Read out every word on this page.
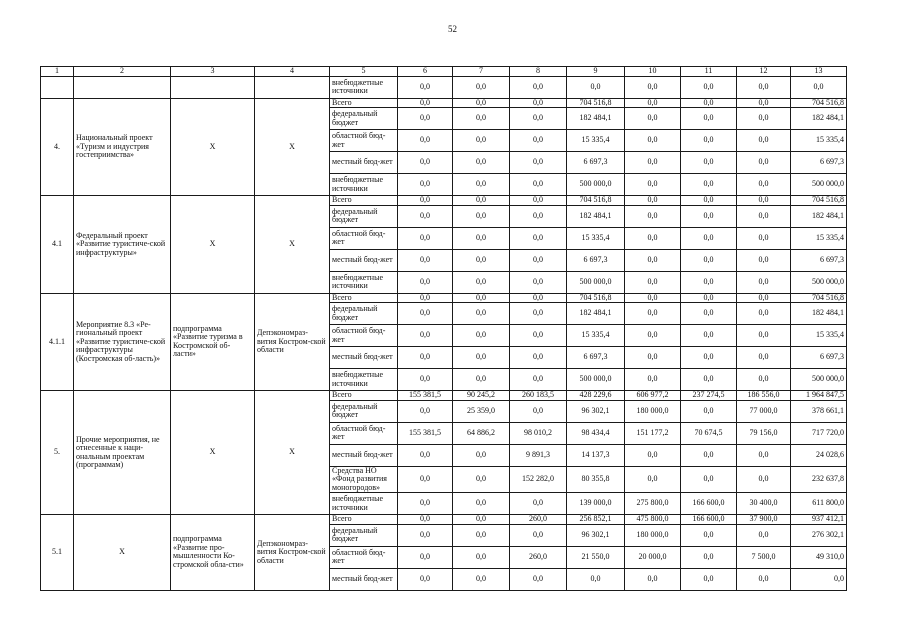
52
1	2	3	4	5	6	7	8	9	10	11	12	13
				внебюджетные источники	0,0	0,0	0,0	0,0	0,0	0,0	0,0	0,0
4.	Национальный проект «Туризм и индустрия гостеприимства»	X	X	Всего	0,0	0,0	0,0	704 516,8	0,0	0,0	0,0	704 516,8
				федеральный бюджет	0,0	0,0	0,0	182 484,1	0,0	0,0	0,0	182 484,1
				областной бюд-жет	0,0	0,0	0,0	15 335,4	0,0	0,0	0,0	15 335,4
				местный бюд-жет	0,0	0,0	0,0	6 697,3	0,0	0,0	0,0	6 697,3
				внебюджетные источники	0,0	0,0	0,0	500 000,0	0,0	0,0	0,0	500 000,0
4.1	Федеральный проект «Развитие туристиче-ской инфраструктуры»	X	X	Всего	0,0	0,0	0,0	704 516,8	0,0	0,0	0,0	704 516,8
				федеральный бюджет	0,0	0,0	0,0	182 484,1	0,0	0,0	0,0	182 484,1
				областной бюд-жет	0,0	0,0	0,0	15 335,4	0,0	0,0	0,0	15 335,4
				местный бюд-жет	0,0	0,0	0,0	6 697,3	0,0	0,0	0,0	6 697,3
				внебюджетные источники	0,0	0,0	0,0	500 000,0	0,0	0,0	0,0	500 000,0
4.1.1	Мероприятие 8.3 «Ре-гиональный проект «Развитие туристиче-ской инфраструктуры (Костромская об-ласть)»	подпрограмма «Развитие туризма в Костромской об-ласти»	Депэкономраз-вития Костром-ской области	Всего	0,0	0,0	0,0	704 516,8	0,0	0,0	0,0	704 516,8
				федеральный бюджет	0,0	0,0	0,0	182 484,1	0,0	0,0	0,0	182 484,1
				областной бюд-жет	0,0	0,0	0,0	15 335,4	0,0	0,0	0,0	15 335,4
				местный бюд-жет	0,0	0,0	0,0	6 697,3	0,0	0,0	0,0	6 697,3
				внебюджетные источники	0,0	0,0	0,0	500 000,0	0,0	0,0	0,0	500 000,0
5.	Прочие мероприятия, не отнесенные к наци-ональным проектам (программам)	X	X	Всего	155 381,5	90 245,2	260 183,5	428 229,6	606 977,2	237 274,5	186 556,0	1 964 847,5
				федеральный бюджет	0,0	25 359,0	0,0	96 302,1	180 000,0	0,0	77 000,0	378 661,1
				областной бюд-жет	155 381,5	64 886,2	98 010,2	98 434,4	151 177,2	70 674,5	79 156,0	717 720,0
				местный бюд-жет	0,0	0,0	9 891,3	14 137,3	0,0	0,0	0,0	24 028,6
				Средства НО «Фонд развития моногородов»	0,0	0,0	152 282,0	80 355,8	0,0	0,0	0,0	232 637,8
				внебюджетные источники	0,0	0,0	0,0	139 000,0	275 800,0	166 600,0	30 400,0	611 800,0
5.1	X	подпрограмма «Развитие про-мышленности Ко-стромской обла-сти»	Депэкономраз-вития Костром-ской области	Всего	0,0	0,0	260,0	256 852,1	475 800,0	166 600,0	37 900,0	937 412,1
				федеральный бюджет	0,0	0,0	0,0	96 302,1	180 000,0	0,0	0,0	276 302,1
				областной бюд-жет	0,0	0,0	260,0	21 550,0	20 000,0	0,0	7 500,0	49 310,0
				местный бюд-жет	0,0	0,0	0,0	0,0	0,0	0,0	0,0	0,0
